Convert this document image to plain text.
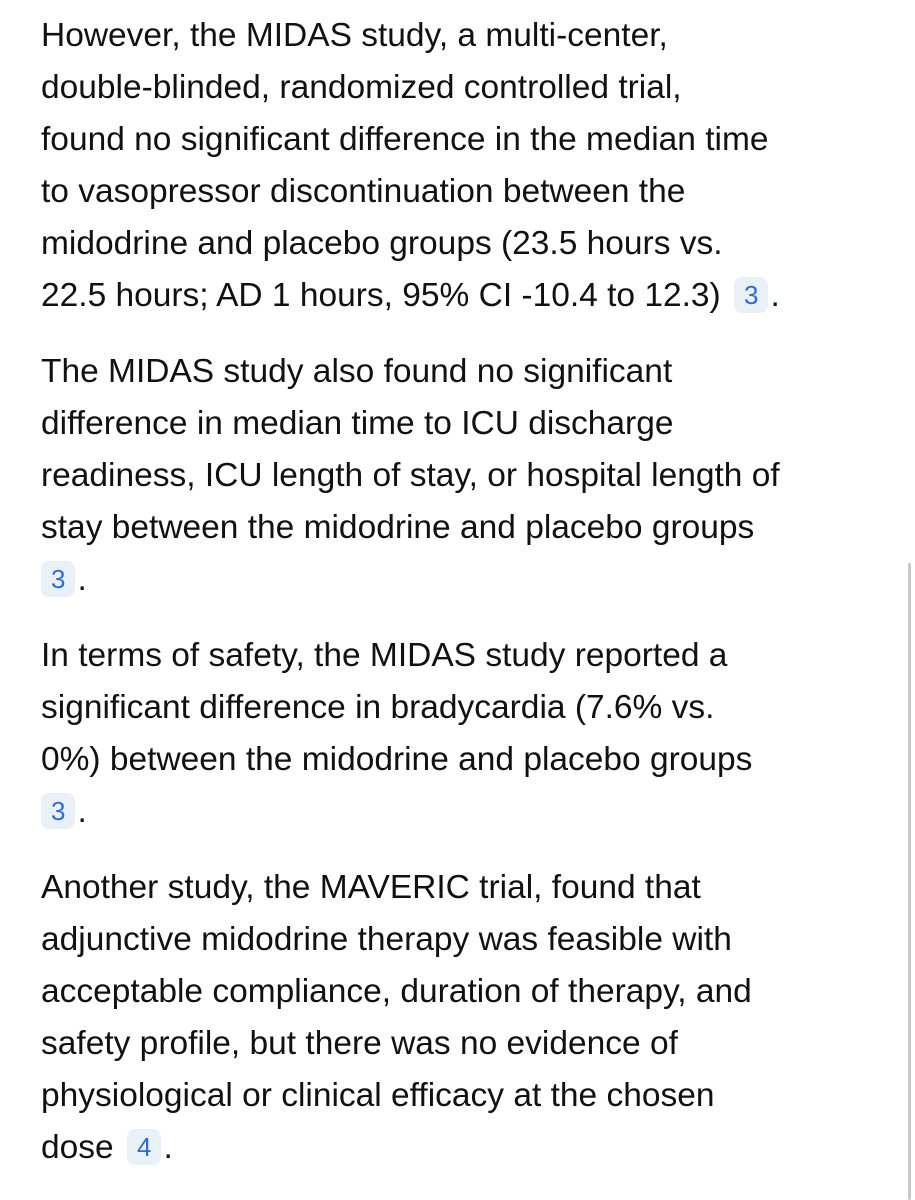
However, the MIDAS study, a multi-center,
double-blinded, randomized controlled trial,
found no significant difference in the median time
to vasopressor discontinuation between the
midodrine and placebo groups (23.5 hours vs.
22.5 hours; AD 1 hours, 95% CI -10.4 to 12.3) 3 .

The MIDAS study also found no significant
difference in median time to ICU discharge
readiness, ICU length of stay, or hospital length of
stay between the midodrine and placebo groups
3 .

In terms of safety, the MIDAS study reported a
significant difference in bradycardia (7.6% vs.
0%) between the midodrine and placebo groups
3 .

Another study, the MAVERIC trial, found that
adjunctive midodrine therapy was feasible with
acceptable compliance, duration of therapy, and
safety profile, but there was no evidence of
physiological or clinical efficacy at the chosen
dose 4 .
